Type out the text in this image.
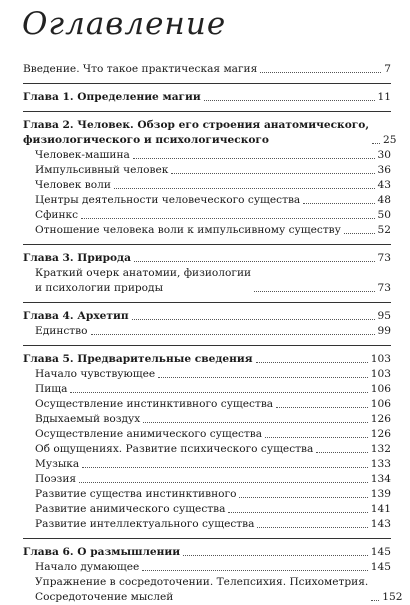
Оглавление
Введение. Что такое практическая магия	7
Глава 1. Определение магии	11
Глава 2. Человек. Обзор его строения анатомического,
физиологического и психологического	25
Человек-машина	30
Импульсивный человек	36
Человек воли	43
Центры деятельности человеческого существа	48
Сфинкс	50
Отношение человека воли к импульсивному существу	52
Глава 3. Природа	73
Краткий очерк анатомии, физиологии
и психологии природы	73
Глава 4. Архетип	95
Единство	99
Глава 5. Предварительные сведения	103
Начало чувствующее	103
Пища	106
Осуществление инстинктивного существа	106
Вдыхаемый воздух	126
Осуществление анимического существа	126
Об ощущениях. Развитие психического существа	132
Музыка	133
Поэзия	134
Развитие существа инстинктивного	139
Развитие анимического существа	141
Развитие интеллектуального существа	143
Глава 6. О размышлении	145
Начало думающее	145
Упражнение в сосредоточении. Телепсихия. Психометрия.
Сосредоточение мыслей	152
